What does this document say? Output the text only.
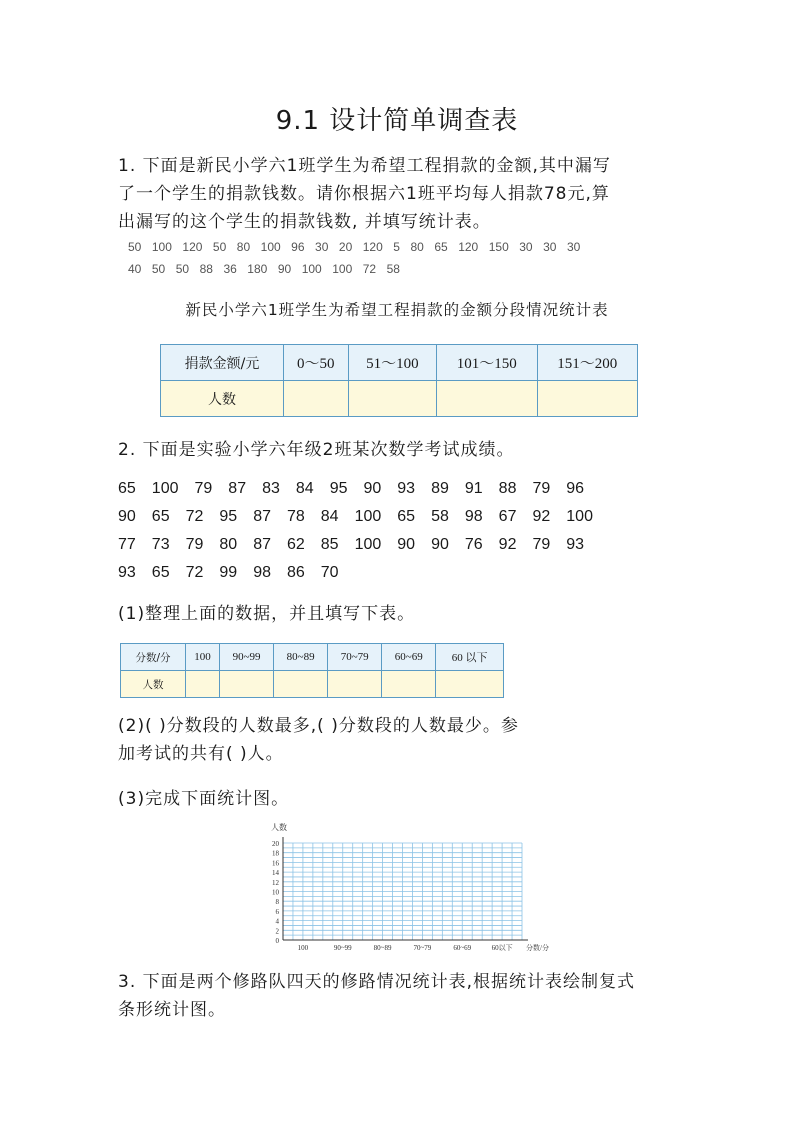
9.1 设计简单调查表
1. 下面是新民小学六1班学生为希望工程捐款的金额,其中漏写
了一个学生的捐款钱数。请你根据六1班平均每人捐款78元,算
出漏写的这个学生的捐款钱数, 并填写统计表。
50 100 120 50 80 100 96 30 20 120 5 80 65 120 150 30 30 30
40 50 50 88 36 180 90 100 100 72 58
新民小学六1班学生为希望工程捐款的金额分段情况统计表
捐款金额/元	0～50	51～100	101～150	151～200
人数				
2. 下面是实验小学六年级2班某次数学考试成绩。
65 100 79 87 83 84 95 90 93 89 91 88 79 96
90 65 72 95 87 78 84 100 65 58 98 67 92 100
77 73 79 80 87 62 85 100 90 90 76 92 79 93
93 65 72 99 98 86 70
(1)整理上面的数据，并且填写下表。
分数/分	100	90~99	80~89	70~79	60~69	60 以下
人数						
(2)( )分数段的人数最多,( )分数段的人数最少。参
加考试的共有( )人。
(3)完成下面统计图。
0
2
4
6
8
10
12
14
16
18
20
人数
100	90~99	80~89	70~79	60~69	60以下 分数/分
3. 下面是两个修路队四天的修路情况统计表,根据统计表绘制复式
条形统计图。
